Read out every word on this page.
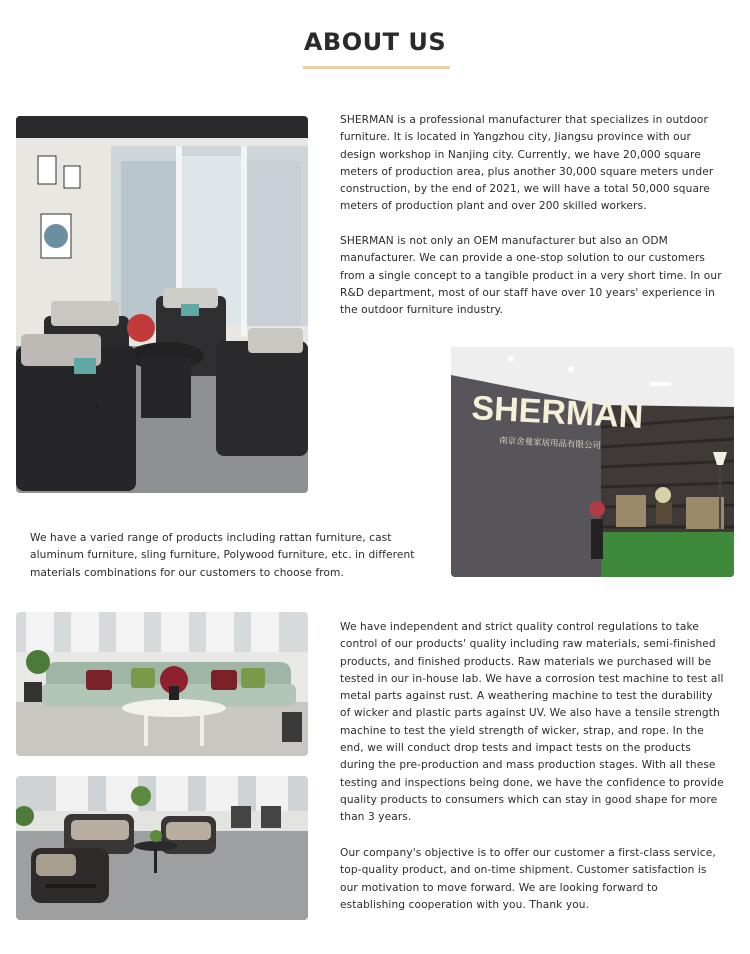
ABOUT US

SHERMAN is a professional manufacturer that specializes in outdoor furniture. It is located in Yangzhou city, Jiangsu province with our design workshop in Nanjing city. Currently, we have 20,000 square meters of production area, plus another 30,000 square meters under construction, by the end of 2021, we will have a total 50,000 square meters of production plant and over 200 skilled workers.

SHERMAN is not only an OEM manufacturer but also an ODM manufacturer. We can provide a one-stop solution to our customers from a single concept to a tangible product in a very short time. In our R&D department, most of our staff have over 10 years' experience in the outdoor furniture industry.

SHERMAN
南京舍曼家居用品有限公司

We have a varied range of products including rattan furniture, cast aluminum furniture, sling furniture, Polywood furniture, etc. in different materials combinations for our customers to choose from.

We have independent and strict quality control regulations to take control of our products' quality including raw materials, semi-finished products, and finished products. Raw materials we purchased will be tested in our in-house lab. We have a corrosion test machine to test all metal parts against rust. A weathering machine to test the durability of wicker and plastic parts against UV. We also have a tensile strength machine to test the yield strength of wicker, strap, and rope. In the end, we will conduct drop tests and impact tests on the products during the pre-production and mass production stages. With all these testing and inspections being done, we have the confidence to provide quality products to consumers which can stay in good shape for more than 3 years.

Our company's objective is to offer our customer a first-class service, top-quality product, and on-time shipment. Customer satisfaction is our motivation to move forward. We are looking forward to establishing cooperation with you. Thank you.
